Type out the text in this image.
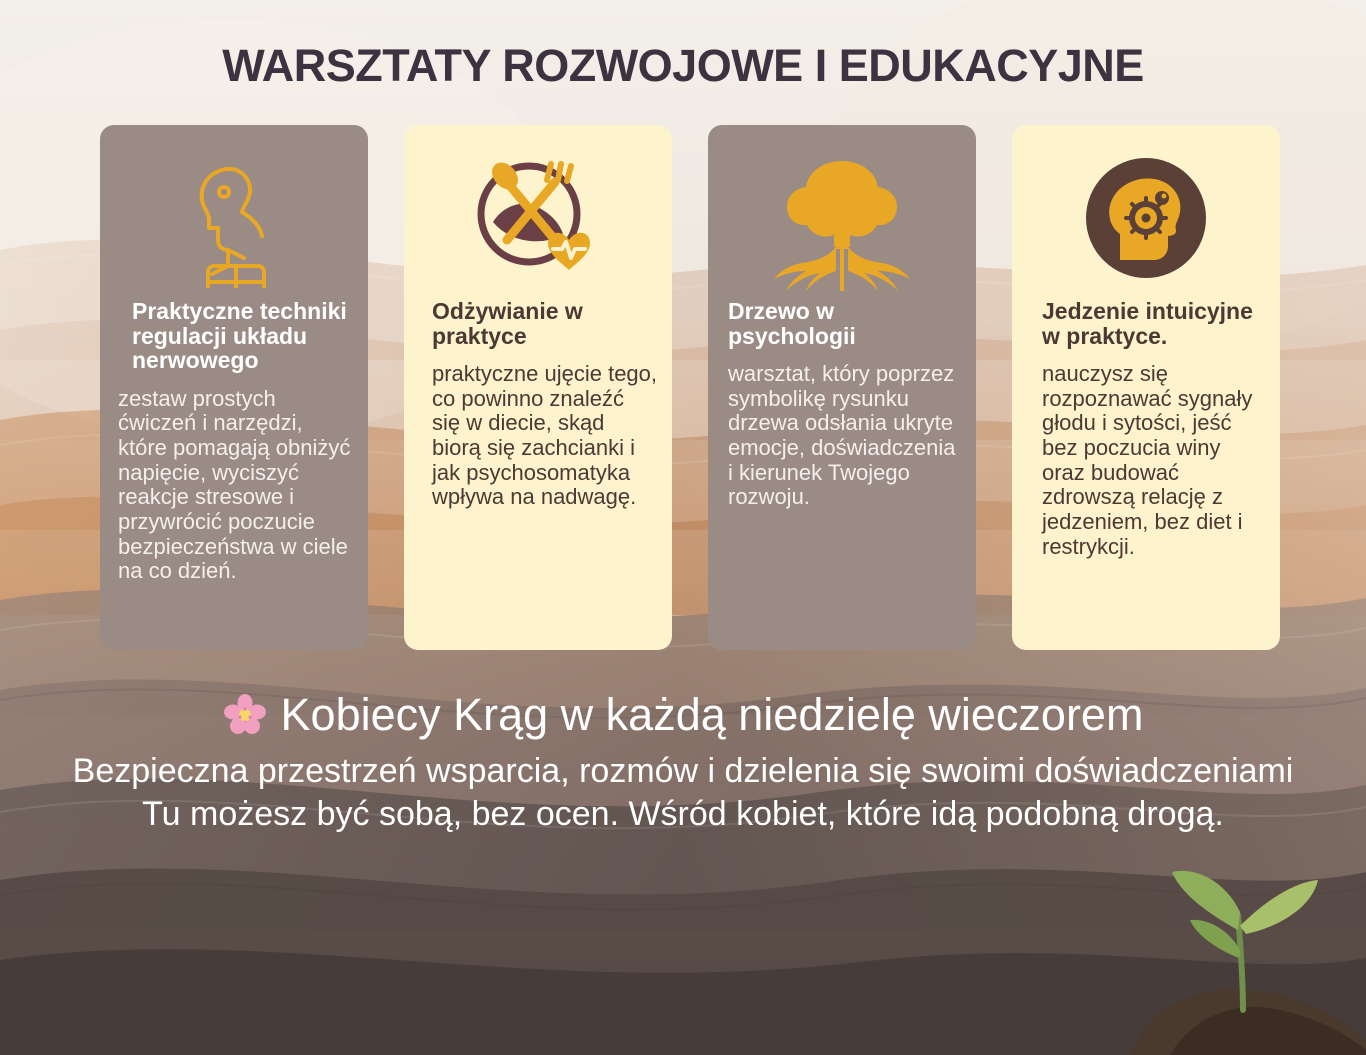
WARSZTATY ROZWOJOWE I EDUKACYJNE
Praktyczne techniki regulacji układu nerwowego
zestaw prostych ćwiczeń i narzędzi, które pomagają obniżyć napięcie, wyciszyć reakcje stresowe i przywrócić poczucie bezpieczeństwa w ciele na co dzień.
Odżywianie w praktyce
praktyczne ujęcie tego, co powinno znaleźć się w diecie, skąd biorą się zachcianki i jak psychosomatyka wpływa na nadwagę.
Drzewo w psychologii
warsztat, który poprzez symbolikę rysunku drzewa odsłania ukryte emocje, doświadczenia i kierunek Twojego rozwoju.
Jedzenie intuicyjne w praktyce.
nauczysz się rozpoznawać sygnały głodu i sytości, jeść bez poczucia winy oraz budować zdrowszą relację z jedzeniem, bez diet i restrykcji.
Kobiecy Krąg w każdą niedzielę wieczorem
Bezpieczna przestrzeń wsparcia, rozmów i dzielenia się swoimi doświadczeniami Tu możesz być sobą, bez ocen. Wśród kobiet, które idą podobną drogą.
